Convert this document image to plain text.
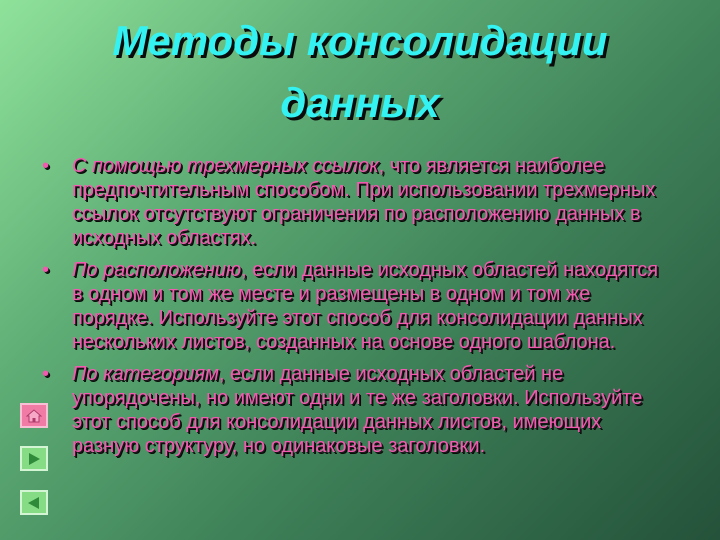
Методы консолидации
данных
• С помощью трехмерных ссылок, что является наиболее предпочтительным способом. При использовании трехмерных ссылок отсутствуют ограничения по расположению данных в исходных областях.
• По расположению, если данные исходных областей находятся в одном и том же месте и размещены в одном и том же порядке. Используйте этот способ для консолидации данных нескольких листов, созданных на основе одного шаблона.
• По категориям, если данные исходных областей не упорядочены, но имеют одни и те же заголовки. Используйте этот способ для консолидации данных листов, имеющих разную структуру, но одинаковые заголовки.
